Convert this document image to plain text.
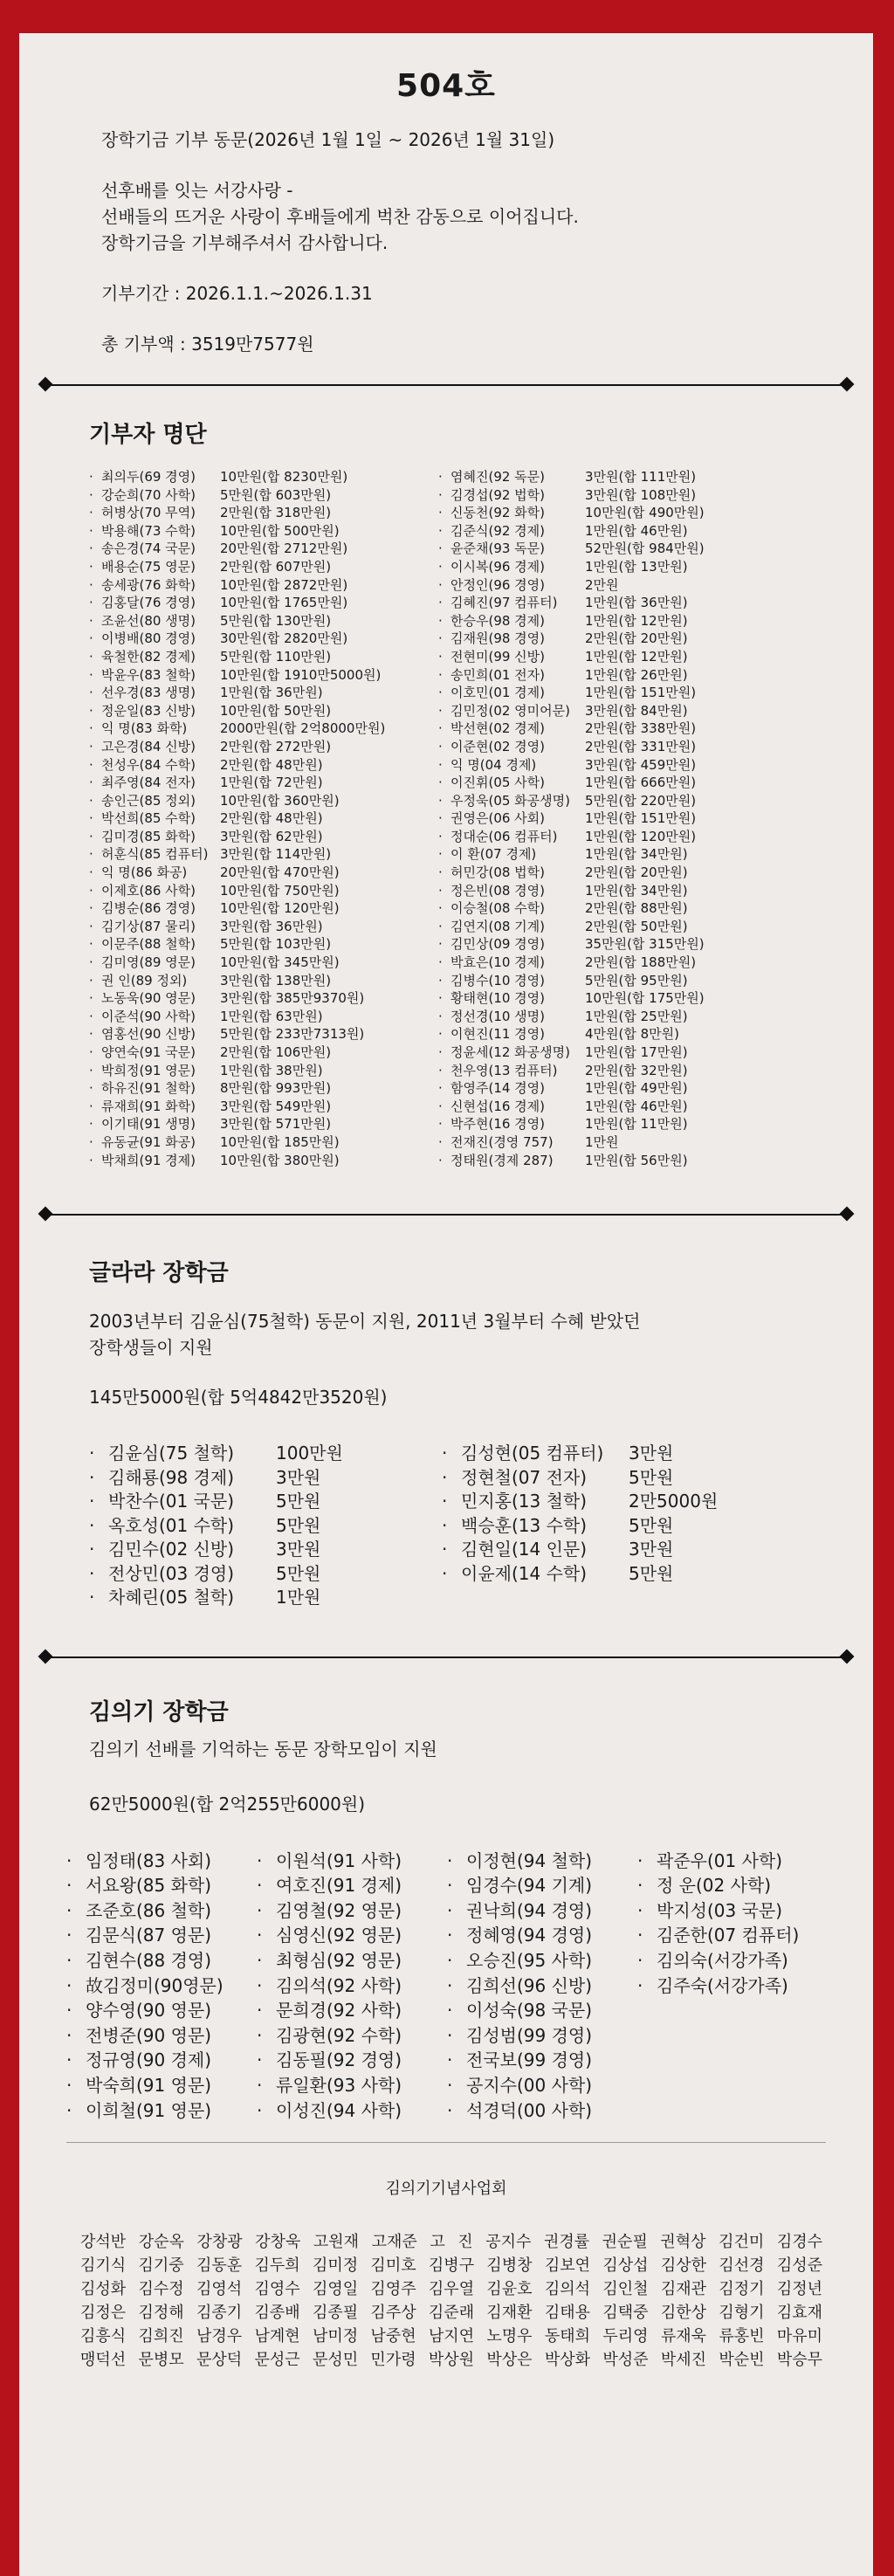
504호

장학기금 기부 동문(2026년 1월 1일 ~ 2026년 1월 31일)

선후배를 잇는 서강사랑 -
선배들의 뜨거운 사랑이 후배들에게 벅찬 감동으로 이어집니다.
장학기금을 기부해주셔서 감사합니다.

기부기간 : 2026.1.1.~2026.1.31

총 기부액 : 3519만7577원

기부자 명단
· 최의두(69 경영)	10만원(합 8230만원)
· 강순희(70 사학)	5만원(합 603만원)
· 허병상(70 무역)	2만원(합 318만원)
· 박용해(73 수학)	10만원(합 500만원)
· 송은경(74 국문)	20만원(합 2712만원)
· 배용순(75 영문)	2만원(합 607만원)
· 송세광(76 화학)	10만원(합 2872만원)
· 김홍달(76 경영)	10만원(합 1765만원)
· 조윤선(80 생명)	5만원(합 130만원)
· 이병배(80 경영)	30만원(합 2820만원)
· 육철한(82 경제)	5만원(합 110만원)
· 박윤우(83 철학)	10만원(합 1910만5000원)
· 선우경(83 생명)	1만원(합 36만원)
· 정운일(83 신방)	10만원(합 50만원)
· 익 명(83 화학)	2000만원(합 2억8000만원)
· 고은경(84 신방)	2만원(합 272만원)
· 천성우(84 수학)	2만원(합 48만원)
· 최주영(84 전자)	1만원(합 72만원)
· 송인근(85 정외)	10만원(합 360만원)
· 박선희(85 수학)	2만원(합 48만원)
· 김미경(85 화학)	3만원(합 62만원)
· 허훈식(85 컴퓨터) 3만원(합 114만원)
· 익 명(86 화공)	20만원(합 470만원)
· 이제호(86 사학)	10만원(합 750만원)
· 김병순(86 경영)	10만원(합 120만원)
· 김기상(87 물리)	3만원(합 36만원)
· 이문주(88 철학)	5만원(합 103만원)
· 김미영(89 영문)	10만원(합 345만원)
· 권 인(89 정외)	3만원(합 138만원)
· 노동욱(90 영문)	3만원(합 385만9370원)
· 이준석(90 사학)	1만원(합 63만원)
· 염홍선(90 신방)	5만원(합 233만7313원)
· 양연숙(91 국문)	2만원(합 106만원)
· 박희정(91 영문)	1만원(합 38만원)
· 하유진(91 철학)	8만원(합 993만원)
· 류재희(91 화학)	3만원(합 549만원)
· 이기태(91 생명)	3만원(합 571만원)
· 유동균(91 화공)	10만원(합 185만원)
· 박채희(91 경제)	10만원(합 380만원)
· 염혜진(92 독문)	3만원(합 111만원)
· 김경섭(92 법학)	3만원(합 108만원)
· 신동천(92 화학)	10만원(합 490만원)
· 김준식(92 경제)	1만원(합 46만원)
· 윤준채(93 독문)	52만원(합 984만원)
· 이시복(96 경제)	1만원(합 13만원)
· 안정인(96 경영)	2만원
· 김혜진(97 컴퓨터)	1만원(합 36만원)
· 한승우(98 경제)	1만원(합 12만원)
· 김재원(98 경영)	2만원(합 20만원)
· 전현미(99 신방)	1만원(합 12만원)
· 송민희(01 전자)	1만원(합 26만원)
· 이호민(01 경제)	1만원(합 151만원)
· 김민정(02 영미어문)	3만원(합 84만원)
· 박선현(02 경제)	2만원(합 338만원)
· 이준현(02 경영)	2만원(합 331만원)
· 익 명(04 경제)	3만원(합 459만원)
· 이진휘(05 사학)	1만원(합 666만원)
· 우정욱(05 화공생명)	5만원(합 220만원)
· 권영은(06 사회)	1만원(합 151만원)
· 정대순(06 컴퓨터)	1만원(합 120만원)
· 이 환(07 경제)	1만원(합 34만원)
· 허민강(08 법학)	2만원(합 20만원)
· 정은빈(08 경영)	1만원(합 34만원)
· 이승철(08 수학)	2만원(합 88만원)
· 김연지(08 기계)	2만원(합 50만원)
· 김민상(09 경영)	35만원(합 315만원)
· 박효은(10 경제)	2만원(합 188만원)
· 김병수(10 경영)	5만원(합 95만원)
· 황태현(10 경영)	10만원(합 175만원)
· 정선경(10 생명)	1만원(합 25만원)
· 이현진(11 경영)	4만원(합 8만원)
· 정윤세(12 화공생명)	1만원(합 17만원)
· 천우영(13 컴퓨터)	2만원(합 32만원)
· 함영주(14 경영)	1만원(합 49만원)
· 신현섭(16 경제)	1만원(합 46만원)
· 박주현(16 경영)	1만원(합 11만원)
· 전재진(경영 757)	1만원
· 정태원(경제 287)	1만원(합 56만원)
글라라 장학금
2003년부터 김윤심(75철학) 동문이 지원, 2011년 3월부터 수혜 받았던
장학생들이 지원
145만5000원(합 5억4842만3520원)
· 김윤심(75 철학)	100만원
· 김해룡(98 경제)	3만원
· 박찬수(01 국문)	5만원
· 옥호성(01 수학)	5만원
· 김민수(02 신방)	3만원
· 전상민(03 경영)	5만원
· 차혜린(05 철학)	1만원
· 김성현(05 컴퓨터)	3만원
· 정현철(07 전자)	5만원
· 민지홍(13 철학)	2만5000원
· 백승훈(13 수학)	5만원
· 김현일(14 인문)	3만원
· 이윤제(14 수학)	5만원
김의기 장학금
김의기 선배를 기억하는 동문 장학모임이 지원
62만5000원(합 2억255만6000원)
· 임정태(83 사회)	· 이원석(91 사학)	· 이정현(94 철학)	· 곽준우(01 사학)
· 서요왕(85 화학)	· 여호진(91 경제)	· 임경수(94 기계)	· 정 운(02 사학)
· 조준호(86 철학)	· 김영철(92 영문)	· 권낙희(94 경영)	· 박지성(03 국문)
· 김문식(87 영문)	· 심영신(92 영문)	· 정혜영(94 경영)	· 김준한(07 컴퓨터)
· 김현수(88 경영)	· 최형심(92 영문)	· 오승진(95 사학)	· 김의숙(서강가족)
· 故김정미(90영문)	· 김의석(92 사학)	· 김희선(96 신방)	· 김주숙(서강가족)
· 양수영(90 영문)	· 문희경(92 사학)	· 이성숙(98 국문)
· 전병준(90 영문)	· 김광현(92 수학)	· 김성범(99 경영)
· 정규영(90 경제)	· 김동필(92 경영)	· 전국보(99 경영)
· 박숙희(91 영문)	· 류일환(93 사학)	· 공지수(00 사학)
· 이희철(91 영문)	· 이성진(94 사학)	· 석경덕(00 사학)
김의기기념사업회
강석반 강순옥 강창광 강창욱 고원재 고재준 고 진 공지수 권경률 권순필 권혁상 김건미 김경수
김기식 김기중 김동훈 김두희 김미정 김미호 김병구 김병창 김보연 김상섭 김상한 김선경 김성준
김성화 김수정 김영석 김영수 김영일 김영주 김우열 김윤호 김의석 김인철 김재관 김정기 김정년
김정은 김정해 김종기 김종배 김종필 김주상 김준래 김재환 김태용 김택중 김한상 김형기 김효재
김흥식 김희진 남경우 남계현 남미정 남중현 남지연 노명우 동태희 두리영 류재욱 류홍빈 마유미
맹덕선 문병모 문상덕 문성근 문성민 민가령 박상원 박상은 박상화 박성준 박세진 박순빈 박승무
